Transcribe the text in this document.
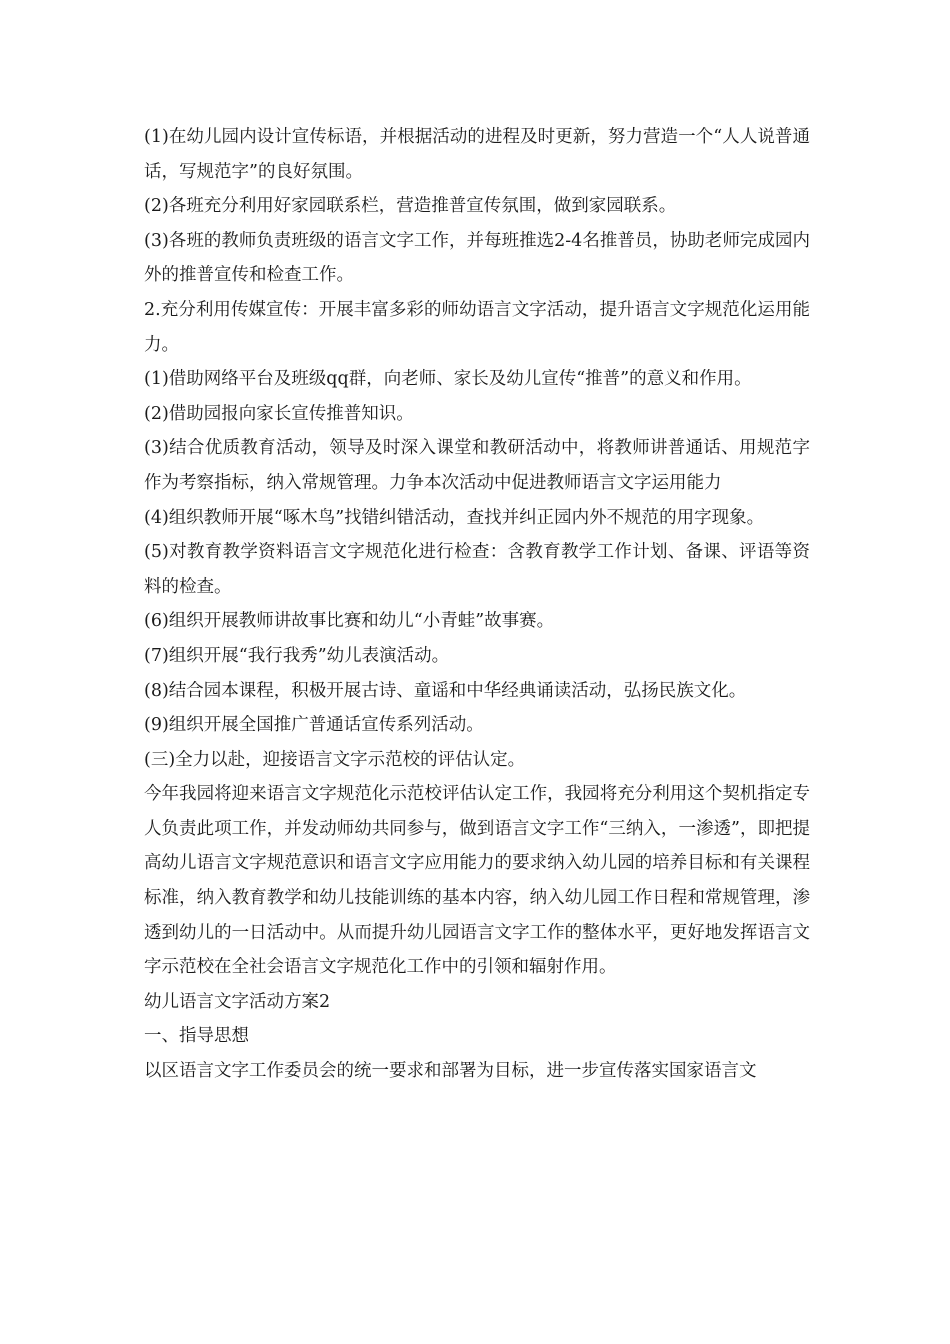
(1)在幼儿园内设计宣传标语，并根据活动的进程及时更新，努力营造一个“人人说普通话，写规范字”的良好氛围。

(2)各班充分利用好家园联系栏，营造推普宣传氛围，做到家园联系。

(3)各班的教师负责班级的语言文字工作，并每班推选2-4名推普员，协助老师完成园内外的推普宣传和检查工作。

2.充分利用传媒宣传：开展丰富多彩的师幼语言文字活动，提升语言文字规范化运用能力。

(1)借助网络平台及班级qq群，向老师、家长及幼儿宣传“推普”的意义和作用。

(2)借助园报向家长宣传推普知识。

(3)结合优质教育活动，领导及时深入课堂和教研活动中，将教师讲普通话、用规范字作为考察指标，纳入常规管理。力争本次活动中促进教师语言文字运用能力

(4)组织教师开展“啄木鸟”找错纠错活动，查找并纠正园内外不规范的用字现象。

(5)对教育教学资料语言文字规范化进行检查：含教育教学工作计划、备课、评语等资料的检查。

(6)组织开展教师讲故事比赛和幼儿“小青蛙”故事赛。

(7)组织开展“我行我秀”幼儿表演活动。

(8)结合园本课程，积极开展古诗、童谣和中华经典诵读活动，弘扬民族文化。

(9)组织开展全国推广普通话宣传系列活动。

(三)全力以赴，迎接语言文字示范校的评估认定。

今年我园将迎来语言文字规范化示范校评估认定工作，我园将充分利用这个契机指定专人负责此项工作，并发动师幼共同参与，做到语言文字工作“三纳入，一渗透”，即把提高幼儿语言文字规范意识和语言文字应用能力的要求纳入幼儿园的培养目标和有关课程标准，纳入教育教学和幼儿技能训练的基本内容，纳入幼儿园工作日程和常规管理，渗透到幼儿的一日活动中。从而提升幼儿园语言文字工作的整体水平，更好地发挥语言文字示范校在全社会语言文字规范化工作中的引领和辐射作用。

幼儿语言文字活动方案2

一、指导思想

以区语言文字工作委员会的统一要求和部署为目标，进一步宣传落实国家语言文
